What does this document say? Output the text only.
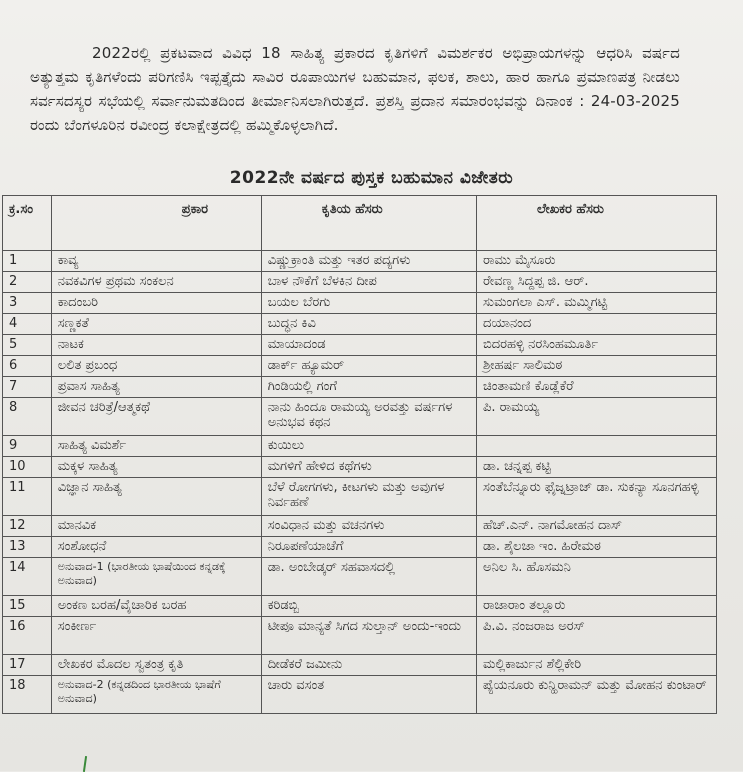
2022ರಲ್ಲಿ ಪ್ರಕಟವಾದ ವಿವಿಧ 18 ಸಾಹಿತ್ಯ ಪ್ರಕಾರದ ಕೃತಿಗಳಿಗೆ ವಿಮರ್ಶಕರ ಅಭಿಪ್ರಾಯಗಳನ್ನು ಆಧರಿಸಿ ವರ್ಷದ ಅತ್ಯುತ್ತಮ ಕೃತಿಗಳೆಂದು ಪರಿಗಣಿಸಿ ಇಪ್ಪತ್ತೈದು ಸಾವಿರ ರೂಪಾಯಿಗಳ ಬಹುಮಾನ, ಫಲಕ, ಶಾಲು, ಹಾರ ಹಾಗೂ ಪ್ರಮಾಣಪತ್ರ ನೀಡಲು ಸರ್ವಸದಸ್ಯರ ಸಭೆಯಲ್ಲಿ ಸರ್ವಾನುಮತದಿಂದ ತೀರ್ಮಾನಿಸಲಾಗಿರುತ್ತದೆ. ಪ್ರಶಸ್ತಿ ಪ್ರದಾನ ಸಮಾರಂಭವನ್ನು ದಿನಾಂಕ : 24-03-2025 ರಂದು ಬೆಂಗಳೂರಿನ ರವೀಂದ್ರ ಕಲಾಕ್ಷೇತ್ರದಲ್ಲಿ ಹಮ್ಮಿಕೊಳ್ಳಲಾಗಿದೆ.

2022ನೇ ವರ್ಷದ ಪುಸ್ತಕ ಬಹುಮಾನ ವಿಜೇತರು
ಕ್ರ.ಸಂ	ಪ್ರಕಾರ	ಕೃತಿಯ ಹೆಸರು	ಲೇಖಕರ ಹೆಸರು
1	ಕಾವ್ಯ	ವಿಷ್ಣುಕ್ರಾಂತಿ ಮತ್ತು ಇತರ ಪದ್ಯಗಳು	ರಾಮು ಮೈಸೂರು
2	ನವಕವಿಗಳ ಪ್ರಥಮ ಸಂಕಲನ	ಬಾಳ ನೌಕೆಗೆ ಬೆಳಕಿನ ದೀಪ	ರೇವಣ್ಣ ಸಿದ್ದಪ್ಪ ಜಿ. ಆರ್.
3	ಕಾದಂಬರಿ	ಬಯಲ ಬೆರಗು	ಸುಮಂಗಲಾ ಎಸ್. ಮಮ್ಮಿಗಟ್ಟಿ
4	ಸಣ್ಣಕತೆ	ಬುದ್ಧನ ಕಿವಿ	ದಯಾನಂದ
5	ನಾಟಕ	ಮಾಯಾದಂಡ	ಬಿದರಹಳ್ಳಿ ನರಸಿಂಹಮೂರ್ತಿ
6	ಲಲಿತ ಪ್ರಬಂಧ	ಡಾರ್ಕ್ ಹ್ಯೂಮರ್	ಶ್ರೀಹರ್ಷ ಸಾಲಿಮಠ
7	ಪ್ರವಾಸ ಸಾಹಿತ್ಯ	ಗಿಂಡಿಯಲ್ಲಿ ಗಂಗೆ	ಚಿಂತಾಮಣಿ ಕೊಡ್ಲೆಕೆರೆ
8	ಜೀವನ ಚರಿತ್ರೆ/ಆತ್ಮಕಥೆ	ನಾನು ಹಿಂದೂ ರಾಮಯ್ಯ ಅರವತ್ತು ವರ್ಷಗಳ ಅನುಭವ ಕಥನ	ಪಿ. ರಾಮಯ್ಯ
9	ಸಾಹಿತ್ಯ ವಿಮರ್ಶೆ	ಕುಯಿಲು	
10	ಮಕ್ಕಳ ಸಾಹಿತ್ಯ	ಮಗಳಿಗೆ ಹೇಳಿದ ಕಥೆಗಳು	ಡಾ. ಚನ್ನಪ್ಪ ಕಟ್ಟಿ
11	ವಿಜ್ಞಾನ ಸಾಹಿತ್ಯ	ಬೆಳೆ ರೋಗಗಳು, ಕೀಟಗಳು ಮತ್ತು ಅವುಗಳ ನಿರ್ವಹಣೆ	ಸಂತೆಬೆನ್ನೂರು ಫೈಜ್ನಟ್ರಾಜ್ ಡಾ. ಸುಕನ್ಯಾ ಸೂನಗಹಳ್ಳಿ
12	ಮಾನವಿಕ	ಸಂವಿಧಾನ ಮತ್ತು ವಚನಗಳು	ಹೆಚ್.ಎನ್. ನಾಗಮೋಹನ ದಾಸ್
13	ಸಂಶೋಧನೆ	ನಿರೂಪಣೆಯಾಚೆಗೆ	ಡಾ. ಶೈಲಜಾ ಇಂ. ಹಿರೇಮಠ
14	ಅನುವಾದ-1 (ಭಾರತೀಯ ಭಾಷೆಯಿಂದ ಕನ್ನಡಕ್ಕೆ ಅನುವಾದ)	ಡಾ. ಅಂಬೇಡ್ಕರ್ ಸಹವಾಸದಲ್ಲಿ	ಅನಿಲ ಸಿ. ಹೊಸಮನಿ
15	ಅಂಕಣ ಬರಹ/ವೈಚಾರಿಕ ಬರಹ	ಕರಿಡಬ್ಬಿ	ರಾಜಾರಾಂ ತಲ್ಲೂರು
16	ಸಂಕೀರ್ಣ	ಟೀಪೂ ಮಾನ್ಯತೆ ಸಿಗದ ಸುಲ್ತಾನ್ ಅಂದು-ಇಂದು	ಪಿ.ವಿ. ನಂಜರಾಜ ಅರಸ್
17	ಲೇಖಕರ ಮೊದಲ ಸ್ವತಂತ್ರ ಕೃತಿ	ದೀಡೆಕರೆ ಜಮೀನು	ಮಲ್ಲಿಕಾರ್ಜುನ ಶೆಲ್ಲಿಕೇರಿ
18	ಅನುವಾದ-2 (ಕನ್ನಡದಿಂದ ಭಾರತೀಯ ಭಾಷೆಗೆ ಅನುವಾದ)	ಚಾರು ವಸಂತ	ಪ್ಯೆಯನೂರು ಕುನ್ಹಿರಾಮನ್ ಮತ್ತು ಮೋಹನ ಕುಂಟಾರ್
